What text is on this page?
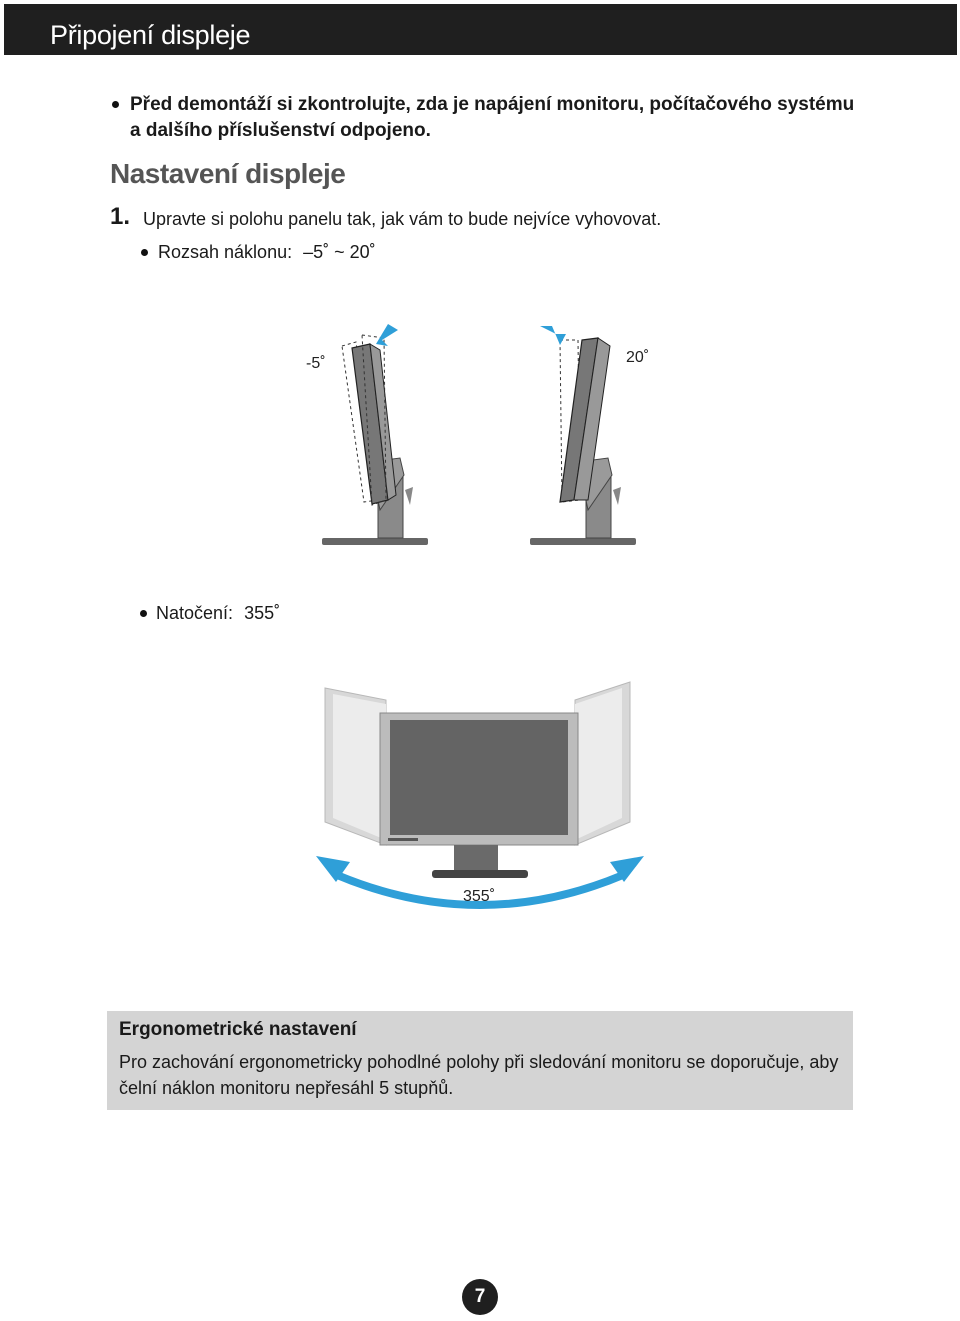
Připojení displeje
Před demontáží si zkontrolujte, zda je napájení monitoru, počítačového systému a dalšího příslušenství odpojeno.
Nastavení displeje
1. Upravte si polohu panelu tak, jak vám to bude nejvíce vyhovovat.
Rozsah náklonu: –5˚ ~ 20˚
-5˚	20˚
355˚
Natočení: 355˚
Ergonometrické nastavení
Pro zachování ergonometricky pohodlné polohy při sledování monitoru se doporučuje, aby čelní náklon monitoru nepřesáhl 5 stupňů.
7
